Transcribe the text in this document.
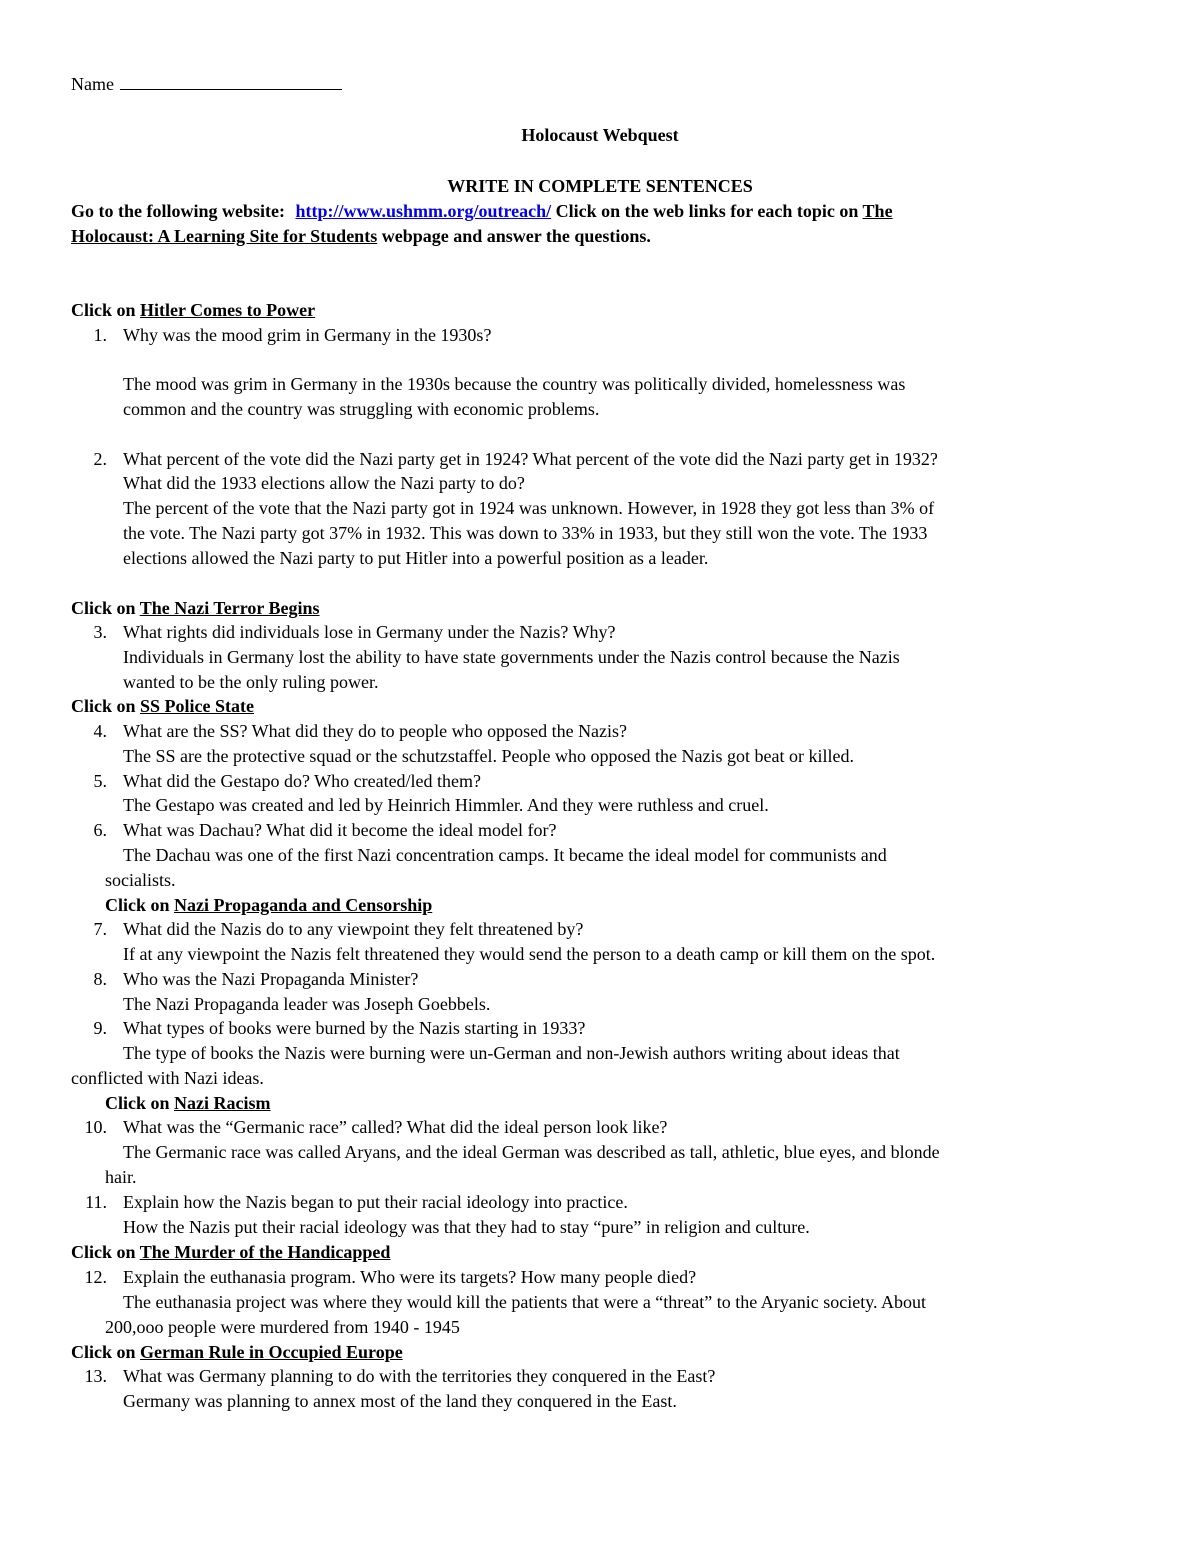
Name
Holocaust Webquest
WRITE IN COMPLETE SENTENCES
Go to the following website: http://www.ushmm.org/outreach/ Click on the web links for each topic on The
Holocaust: A Learning Site for Students webpage and answer the questions.
Click on Hitler Comes to Power
1. Why was the mood grim in Germany in the 1930s?
The mood was grim in Germany in the 1930s because the country was politically divided, homelessness was
common and the country was struggling with economic problems.
2. What percent of the vote did the Nazi party get in 1924? What percent of the vote did the Nazi party get in 1932?
What did the 1933 elections allow the Nazi party to do?
The percent of the vote that the Nazi party got in 1924 was unknown. However, in 1928 they got less than 3% of
the vote. The Nazi party got 37% in 1932. This was down to 33% in 1933, but they still won the vote. The 1933
elections allowed the Nazi party to put Hitler into a powerful position as a leader.
Click on The Nazi Terror Begins
3. What rights did individuals lose in Germany under the Nazis? Why?
Individuals in Germany lost the ability to have state governments under the Nazis control because the Nazis
wanted to be the only ruling power.
Click on SS Police State
4. What are the SS? What did they do to people who opposed the Nazis?
The SS are the protective squad or the schutzstaffel. People who opposed the Nazis got beat or killed.
5. What did the Gestapo do? Who created/led them?
The Gestapo was created and led by Heinrich Himmler. And they were ruthless and cruel.
6. What was Dachau? What did it become the ideal model for?
The Dachau was one of the first Nazi concentration camps. It became the ideal model for communists and
socialists.
Click on Nazi Propaganda and Censorship
7. What did the Nazis do to any viewpoint they felt threatened by?
If at any viewpoint the Nazis felt threatened they would send the person to a death camp or kill them on the spot.
8. Who was the Nazi Propaganda Minister?
The Nazi Propaganda leader was Joseph Goebbels.
9. What types of books were burned by the Nazis starting in 1933?
The type of books the Nazis were burning were un-German and non-Jewish authors writing about ideas that
conflicted with Nazi ideas.
Click on Nazi Racism
10. What was the “Germanic race” called? What did the ideal person look like?
The Germanic race was called Aryans, and the ideal German was described as tall, athletic, blue eyes, and blonde
hair.
11. Explain how the Nazis began to put their racial ideology into practice.
How the Nazis put their racial ideology was that they had to stay “pure” in religion and culture.
Click on The Murder of the Handicapped
12. Explain the euthanasia program. Who were its targets? How many people died?
The euthanasia project was where they would kill the patients that were a “threat” to the Aryanic society. About
200,ooo people were murdered from 1940 - 1945
Click on German Rule in Occupied Europe
13. What was Germany planning to do with the territories they conquered in the East?
Germany was planning to annex most of the land they conquered in the East.
